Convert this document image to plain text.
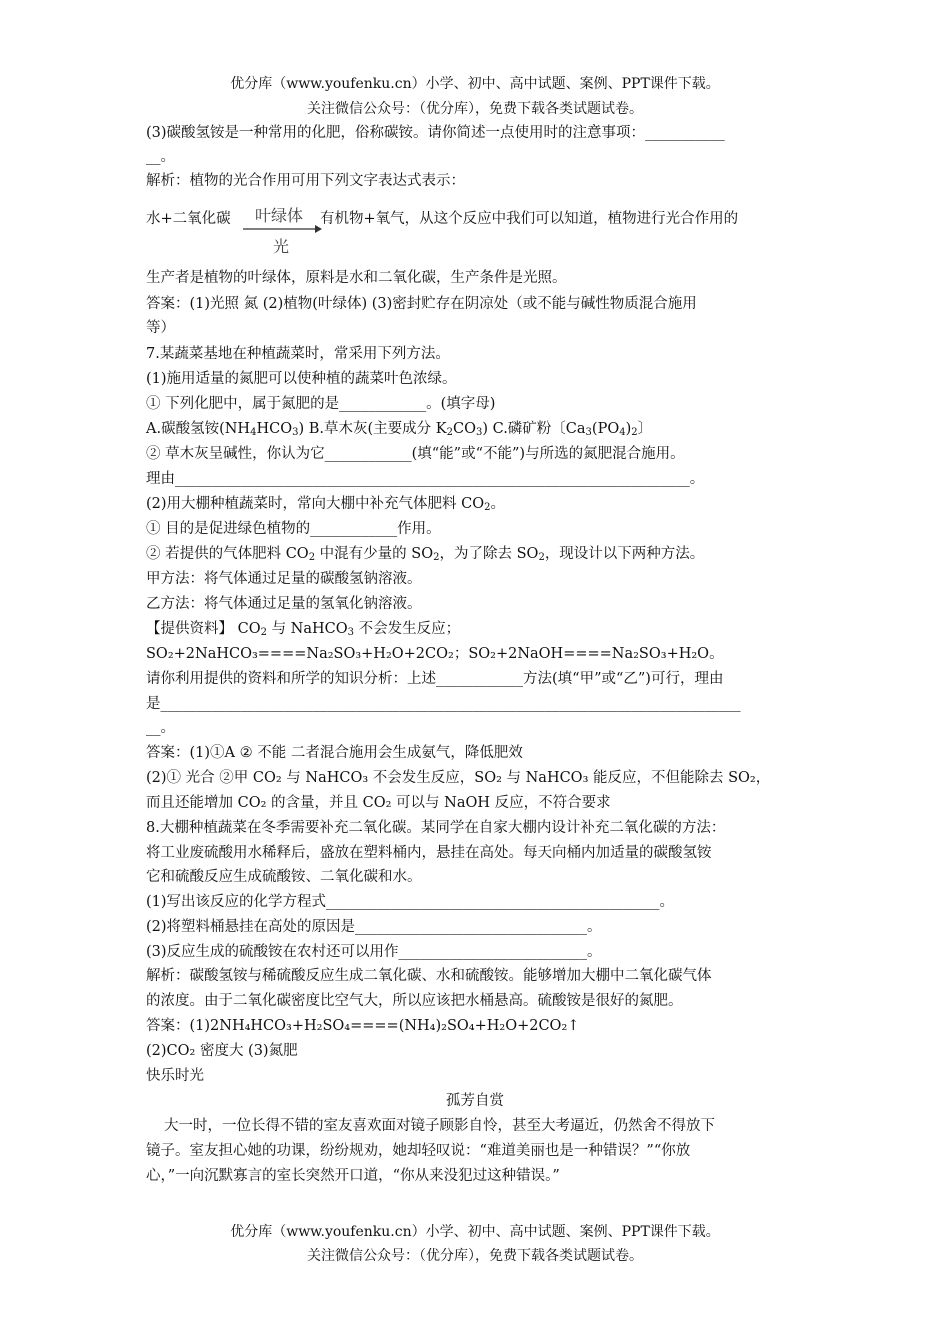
优分库（www.youfenku.cn）小学、初中、高中试题、案例、PPT课件下载。
关注微信公众号：（优分库），免费下载各类试题试卷。
(3)碳酸氢铵是一种常用的化肥，俗称碳铵。请你简述一点使用时的注意事项：___________
__。
解析：植物的光合作用可用下列文字表达式表示：
水+二氧化碳 叶绿体
光
有机物+氧气，从这个反应中我们可以知道，植物进行光合作用的
生产者是植物的叶绿体，原料是水和二氧化碳，生产条件是光照。
答案：(1)光照 氮 (2)植物(叶绿体) (3)密封贮存在阴凉处（或不能与碱性物质混合施用
等）
7.某蔬菜基地在种植蔬菜时，常采用下列方法。
(1)施用适量的氮肥可以使种植的蔬菜叶色浓绿。
① 下列化肥中，属于氮肥的是____________。(填字母)
A.碳酸氢铵$(NH_4HCO_3)$ B.草木灰(主要成分 $K_2CO_3$) C.磷矿粉〔$Ca_3(PO_4)_2$〕
② 草木灰呈碱性，你认为它____________(填“能”或“不能”)与所选的氮肥混合施用。
理由_______________________________________________________________________。
(2)用大棚种植蔬菜时，常向大棚中补充气体肥料 $CO_2$。
① 目的是促进绿色植物的____________作用。
② 若提供的气体肥料 $CO_2$ 中混有少量的 $SO_2$，为了除去 $SO_2$，现设计以下两种方法。
甲方法：将气体通过足量的碳酸氢钠溶液。
乙方法：将气体通过足量的氢氧化钠溶液。
【提供资料】 $CO_2$ 与 NaHCO$_3$ 不会发生反应；
SO₂+2NaHCO₃====Na₂SO₃+H₂O+2CO₂；SO₂+2NaOH====Na₂SO₃+H₂O。
请你利用提供的资料和所学的知识分析：上述____________方法(填“甲”或“乙”)可行，理由
是________________________________________________________________________________
__。
答案：(1)①A ② 不能 二者混合施用会生成氨气，降低肥效
(2)① 光合 ②甲 CO₂ 与 NaHCO₃ 不会发生反应，SO₂ 与 NaHCO₃ 能反应，不但能除去 SO₂，
而且还能增加 CO₂ 的含量，并且 CO₂ 可以与 NaOH 反应，不符合要求
8.大棚种植蔬菜在冬季需要补充二氧化碳。某同学在自家大棚内设计补充二氧化碳的方法：
将工业废硫酸用水稀释后，盛放在塑料桶内，悬挂在高处。每天向桶内加适量的碳酸氢铵
它和硫酸反应生成硫酸铵、二氧化碳和水。
(1)写出该反应的化学方程式______________________________________________。
(2)将塑料桶悬挂在高处的原因是________________________________。
(3)反应生成的硫酸铵在农村还可以用作__________________________。
解析：碳酸氢铵与稀硫酸反应生成二氧化碳、水和硫酸铵。能够增加大棚中二氧化碳气体
的浓度。由于二氧化碳密度比空气大，所以应该把水桶悬高。硫酸铵是很好的氮肥。
答案：(1)2NH₄HCO₃+H₂SO₄====(NH₄)₂SO₄+H₂O+2CO₂↑
(2)CO₂ 密度大 (3)氮肥
快乐时光
孤芳自赏
大一时，一位长得不错的室友喜欢面对镜子顾影自怜，甚至大考逼近，仍然舍不得放下
镜子。室友担心她的功课，纷纷规劝，她却轻叹说：“难道美丽也是一种错误？”“你放
心，”一向沉默寡言的室长突然开口道，“你从来没犯过这种错误。”
优分库（www.youfenku.cn）小学、初中、高中试题、案例、PPT课件下载。
关注微信公众号：（优分库），免费下载各类试题试卷。
